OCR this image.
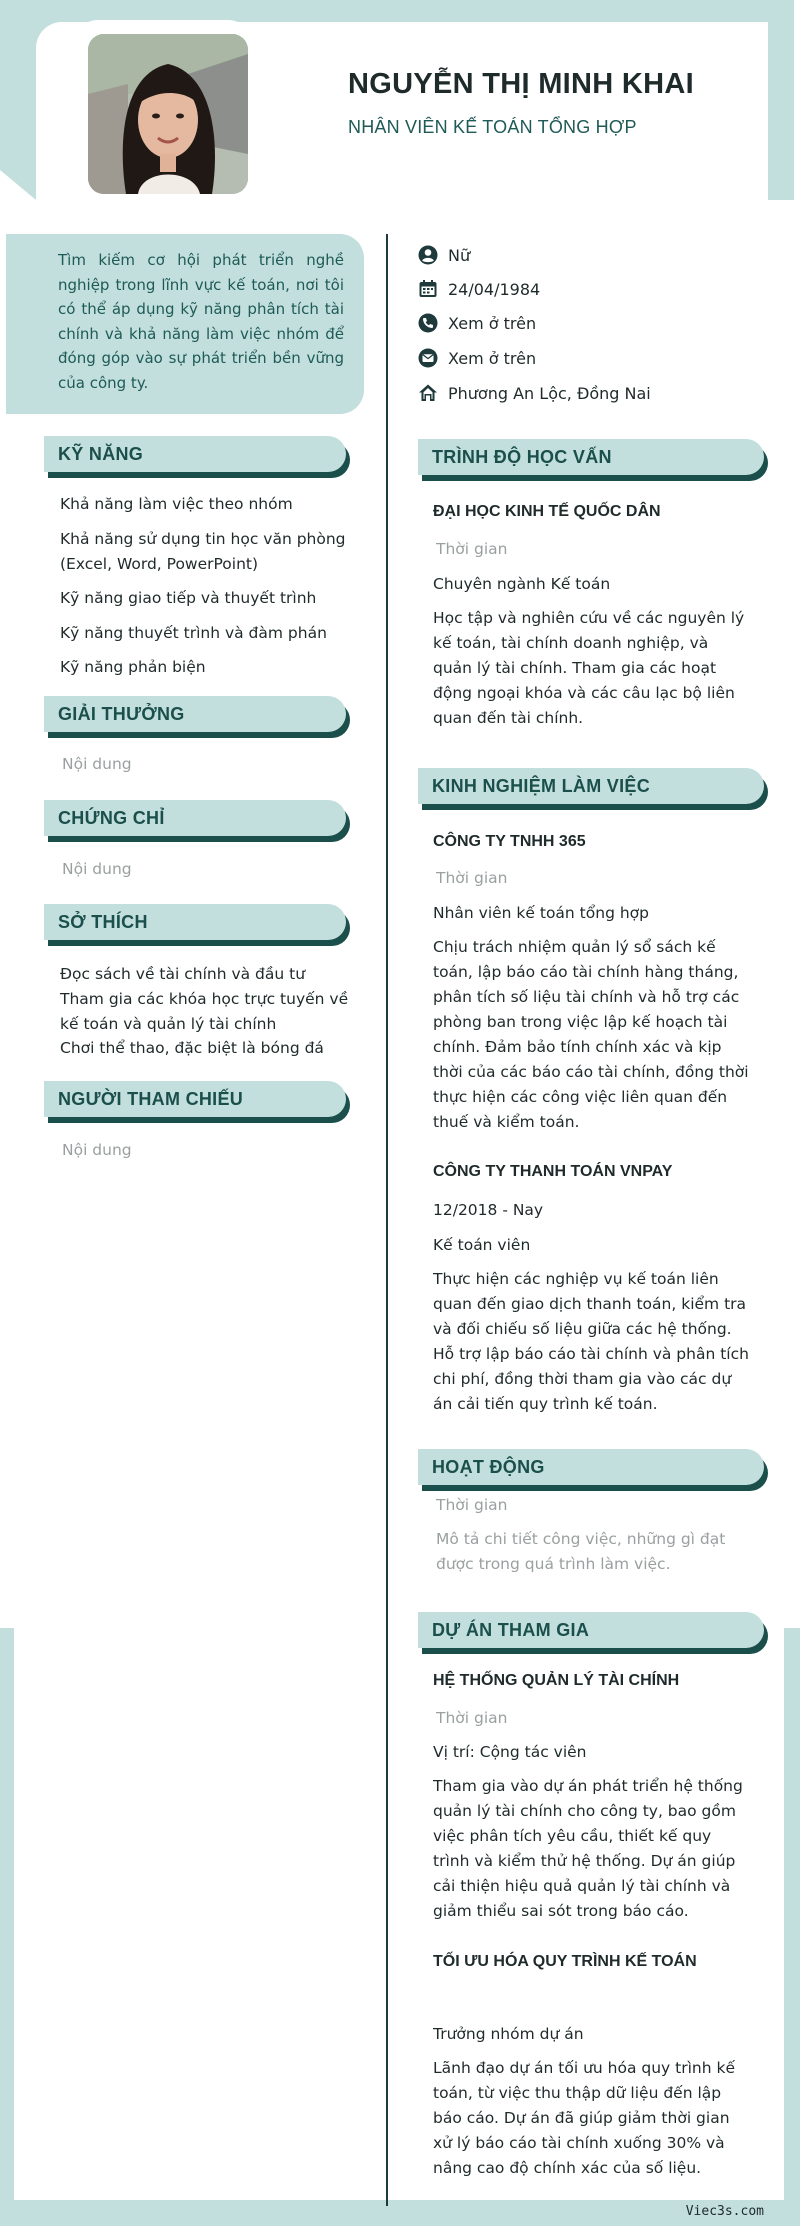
Viec3s.com
NGUYỄN THỊ MINH KHAI
NHÂN VIÊN KẾ TOÁN TỔNG HỢP

Tìm kiếm cơ hội phát triển nghề nghiệp trong lĩnh vực kế toán, nơi tôi có thể áp dụng kỹ năng phân tích tài chính và khả năng làm việc nhóm để đóng góp vào sự phát triển bền vững của công ty.

Nữ
24/04/1984
Xem ở trên
Xem ở trên
Phương An Lộc, Đồng Nai
KỸ NĂNG
Khả năng làm việc theo nhóm
Khả năng sử dụng tin học văn phòng (Excel, Word, PowerPoint)
Kỹ năng giao tiếp và thuyết trình
Kỹ năng thuyết trình và đàm phán
Kỹ năng phản biện
GIẢI THƯỞNG
Nội dung
CHỨNG CHỈ
Nội dung
SỞ THÍCH
Đọc sách về tài chính và đầu tư
Tham gia các khóa học trực tuyến về kế toán và quản lý tài chính
Chơi thể thao, đặc biệt là bóng đá
NGƯỜI THAM CHIẾU
Nội dung
TRÌNH ĐỘ HỌC VẤN
ĐẠI HỌC KINH TẾ QUỐC DÂN
Thời gian
Chuyên ngành Kế toán
Học tập và nghiên cứu về các nguyên lý kế toán, tài chính doanh nghiệp, và quản lý tài chính. Tham gia các hoạt động ngoại khóa và các câu lạc bộ liên quan đến tài chính.
KINH NGHIỆM LÀM VIỆC
CÔNG TY TNHH 365
Thời gian
Nhân viên kế toán tổng hợp
Chịu trách nhiệm quản lý sổ sách kế toán, lập báo cáo tài chính hàng tháng, phân tích số liệu tài chính và hỗ trợ các phòng ban trong việc lập kế hoạch tài chính. Đảm bảo tính chính xác và kịp thời của các báo cáo tài chính, đồng thời thực hiện các công việc liên quan đến thuế và kiểm toán.
CÔNG TY THANH TOÁN VNPAY
12/2018 - Nay
Kế toán viên
Thực hiện các nghiệp vụ kế toán liên quan đến giao dịch thanh toán, kiểm tra và đối chiếu số liệu giữa các hệ thống. Hỗ trợ lập báo cáo tài chính và phân tích chi phí, đồng thời tham gia vào các dự án cải tiến quy trình kế toán.
HOẠT ĐỘNG
Thời gian
Mô tả chi tiết công việc, những gì đạt được trong quá trình làm việc.
DỰ ÁN THAM GIA
HỆ THỐNG QUẢN LÝ TÀI CHÍNH
Thời gian
Vị trí: Cộng tác viên
Tham gia vào dự án phát triển hệ thống quản lý tài chính cho công ty, bao gồm việc phân tích yêu cầu, thiết kế quy trình và kiểm thử hệ thống. Dự án giúp cải thiện hiệu quả quản lý tài chính và giảm thiểu sai sót trong báo cáo.
TỐI ƯU HÓA QUY TRÌNH KẾ TOÁN
Trưởng nhóm dự án
Lãnh đạo dự án tối ưu hóa quy trình kế toán, từ việc thu thập dữ liệu đến lập báo cáo. Dự án đã giúp giảm thời gian xử lý báo cáo tài chính xuống 30% và nâng cao độ chính xác của số liệu.
